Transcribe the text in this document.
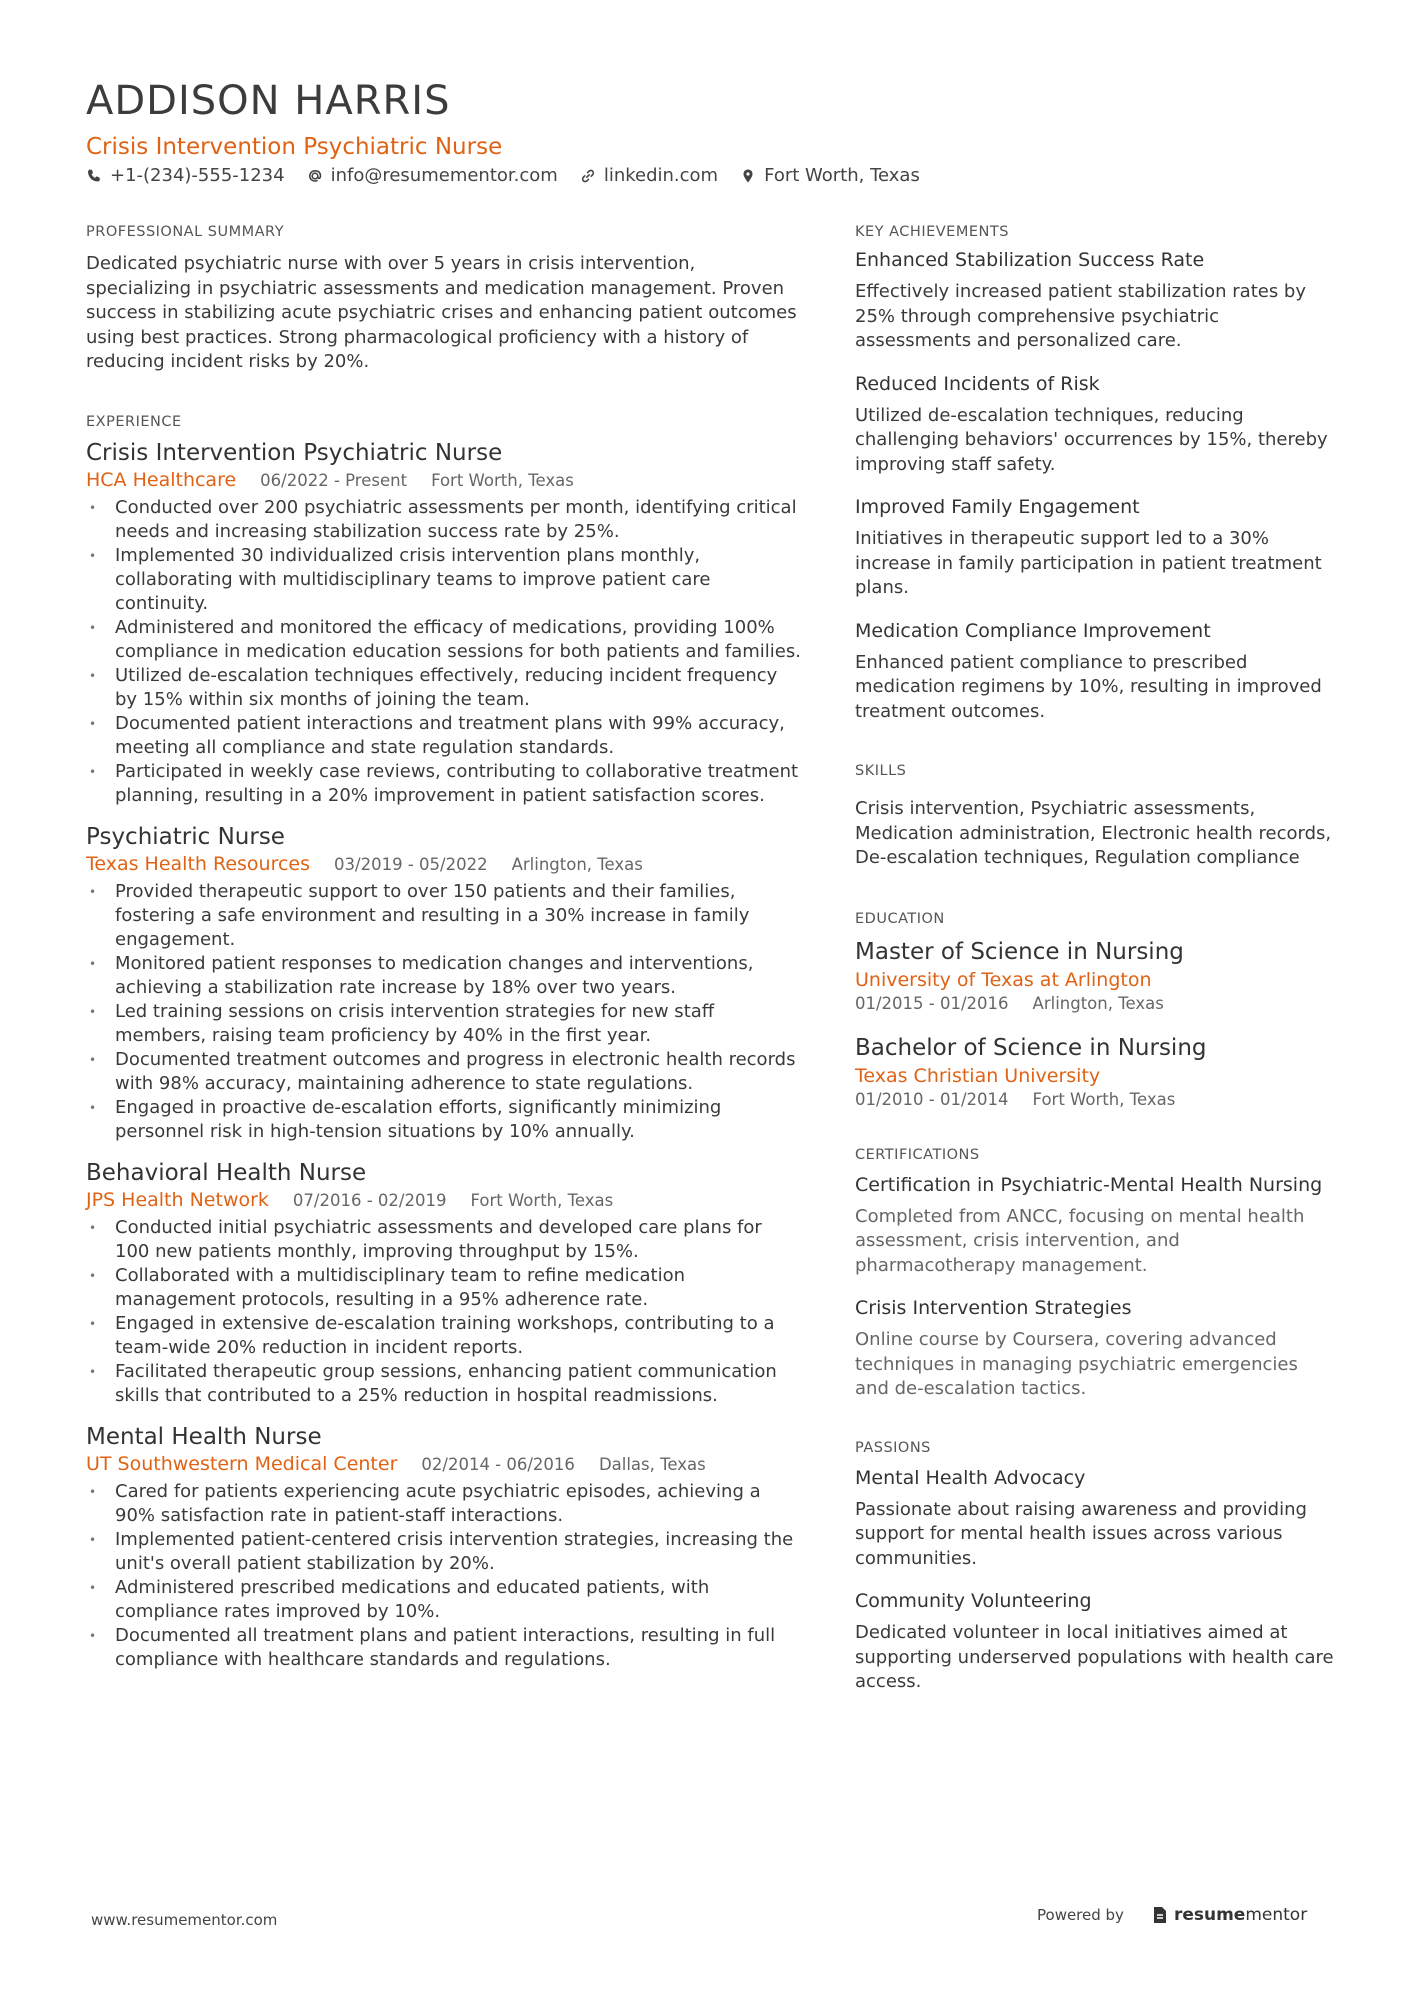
ADDISON HARRIS
Crisis Intervention Psychiatric Nurse
+1-(234)-555-1234	info@resumementor.com	linkedin.com	Fort Worth, Texas
PROFESSIONAL SUMMARY

Dedicated psychiatric nurse with over 5 years in crisis intervention, specializing in psychiatric assessments and medication management. Proven success in stabilizing acute psychiatric crises and enhancing patient outcomes using best practices. Strong pharmacological proficiency with a history of reducing incident risks by 20%.

EXPERIENCE
Crisis Intervention Psychiatric Nurse
HCA Healthcare 06/2022 - Present Fort Worth, Texas
• Conducted over 200 psychiatric assessments per month, identifying critical needs and increasing stabilization success rate by 25%.
• Implemented 30 individualized crisis intervention plans monthly, collaborating with multidisciplinary teams to improve patient care continuity.
• Administered and monitored the efficacy of medications, providing 100% compliance in medication education sessions for both patients and families.
• Utilized de-escalation techniques effectively, reducing incident frequency by 15% within six months of joining the team.
• Documented patient interactions and treatment plans with 99% accuracy, meeting all compliance and state regulation standards.
• Participated in weekly case reviews, contributing to collaborative treatment planning, resulting in a 20% improvement in patient satisfaction scores.
Psychiatric Nurse
Texas Health Resources 03/2019 - 05/2022 Arlington, Texas
• Provided therapeutic support to over 150 patients and their families, fostering a safe environment and resulting in a 30% increase in family engagement.
• Monitored patient responses to medication changes and interventions, achieving a stabilization rate increase by 18% over two years.
• Led training sessions on crisis intervention strategies for new staff members, raising team proficiency by 40% in the first year.
• Documented treatment outcomes and progress in electronic health records with 98% accuracy, maintaining adherence to state regulations.
• Engaged in proactive de-escalation efforts, significantly minimizing personnel risk in high-tension situations by 10% annually.
Behavioral Health Nurse
JPS Health Network 07/2016 - 02/2019 Fort Worth, Texas
• Conducted initial psychiatric assessments and developed care plans for 100 new patients monthly, improving throughput by 15%.
• Collaborated with a multidisciplinary team to refine medication management protocols, resulting in a 95% adherence rate.
• Engaged in extensive de-escalation training workshops, contributing to a team-wide 20% reduction in incident reports.
• Facilitated therapeutic group sessions, enhancing patient communication skills that contributed to a 25% reduction in hospital readmissions.
Mental Health Nurse
UT Southwestern Medical Center 02/2014 - 06/2016 Dallas, Texas
• Cared for patients experiencing acute psychiatric episodes, achieving a 90% satisfaction rate in patient-staff interactions.
• Implemented patient-centered crisis intervention strategies, increasing the unit's overall patient stabilization by 20%.
• Administered prescribed medications and educated patients, with compliance rates improved by 10%.
• Documented all treatment plans and patient interactions, resulting in full compliance with healthcare standards and regulations.
KEY ACHIEVEMENTS
Enhanced Stabilization Success Rate
Effectively increased patient stabilization rates by 25% through comprehensive psychiatric assessments and personalized care.
Reduced Incidents of Risk
Utilized de-escalation techniques, reducing challenging behaviors' occurrences by 15%, thereby improving staff safety.
Improved Family Engagement
Initiatives in therapeutic support led to a 30% increase in family participation in patient treatment plans.
Medication Compliance Improvement
Enhanced patient compliance to prescribed medication regimens by 10%, resulting in improved treatment outcomes.
SKILLS

Crisis intervention, Psychiatric assessments, Medication administration, Electronic health records, De-escalation techniques, Regulation compliance

EDUCATION
Master of Science in Nursing
University of Texas at Arlington
01/2015 - 01/2016 Arlington, Texas
Bachelor of Science in Nursing
Texas Christian University
01/2010 - 01/2014 Fort Worth, Texas
CERTIFICATIONS
Certification in Psychiatric-Mental Health Nursing
Completed from ANCC, focusing on mental health assessment, crisis intervention, and pharmacotherapy management.
Crisis Intervention Strategies
Online course by Coursera, covering advanced techniques in managing psychiatric emergencies and de-escalation tactics.
PASSIONS
Mental Health Advocacy
Passionate about raising awareness and providing support for mental health issues across various communities.
Community Volunteering
Dedicated volunteer in local initiatives aimed at supporting underserved populations with health care access.
www.resumementor.com	Powered by	resumementor
